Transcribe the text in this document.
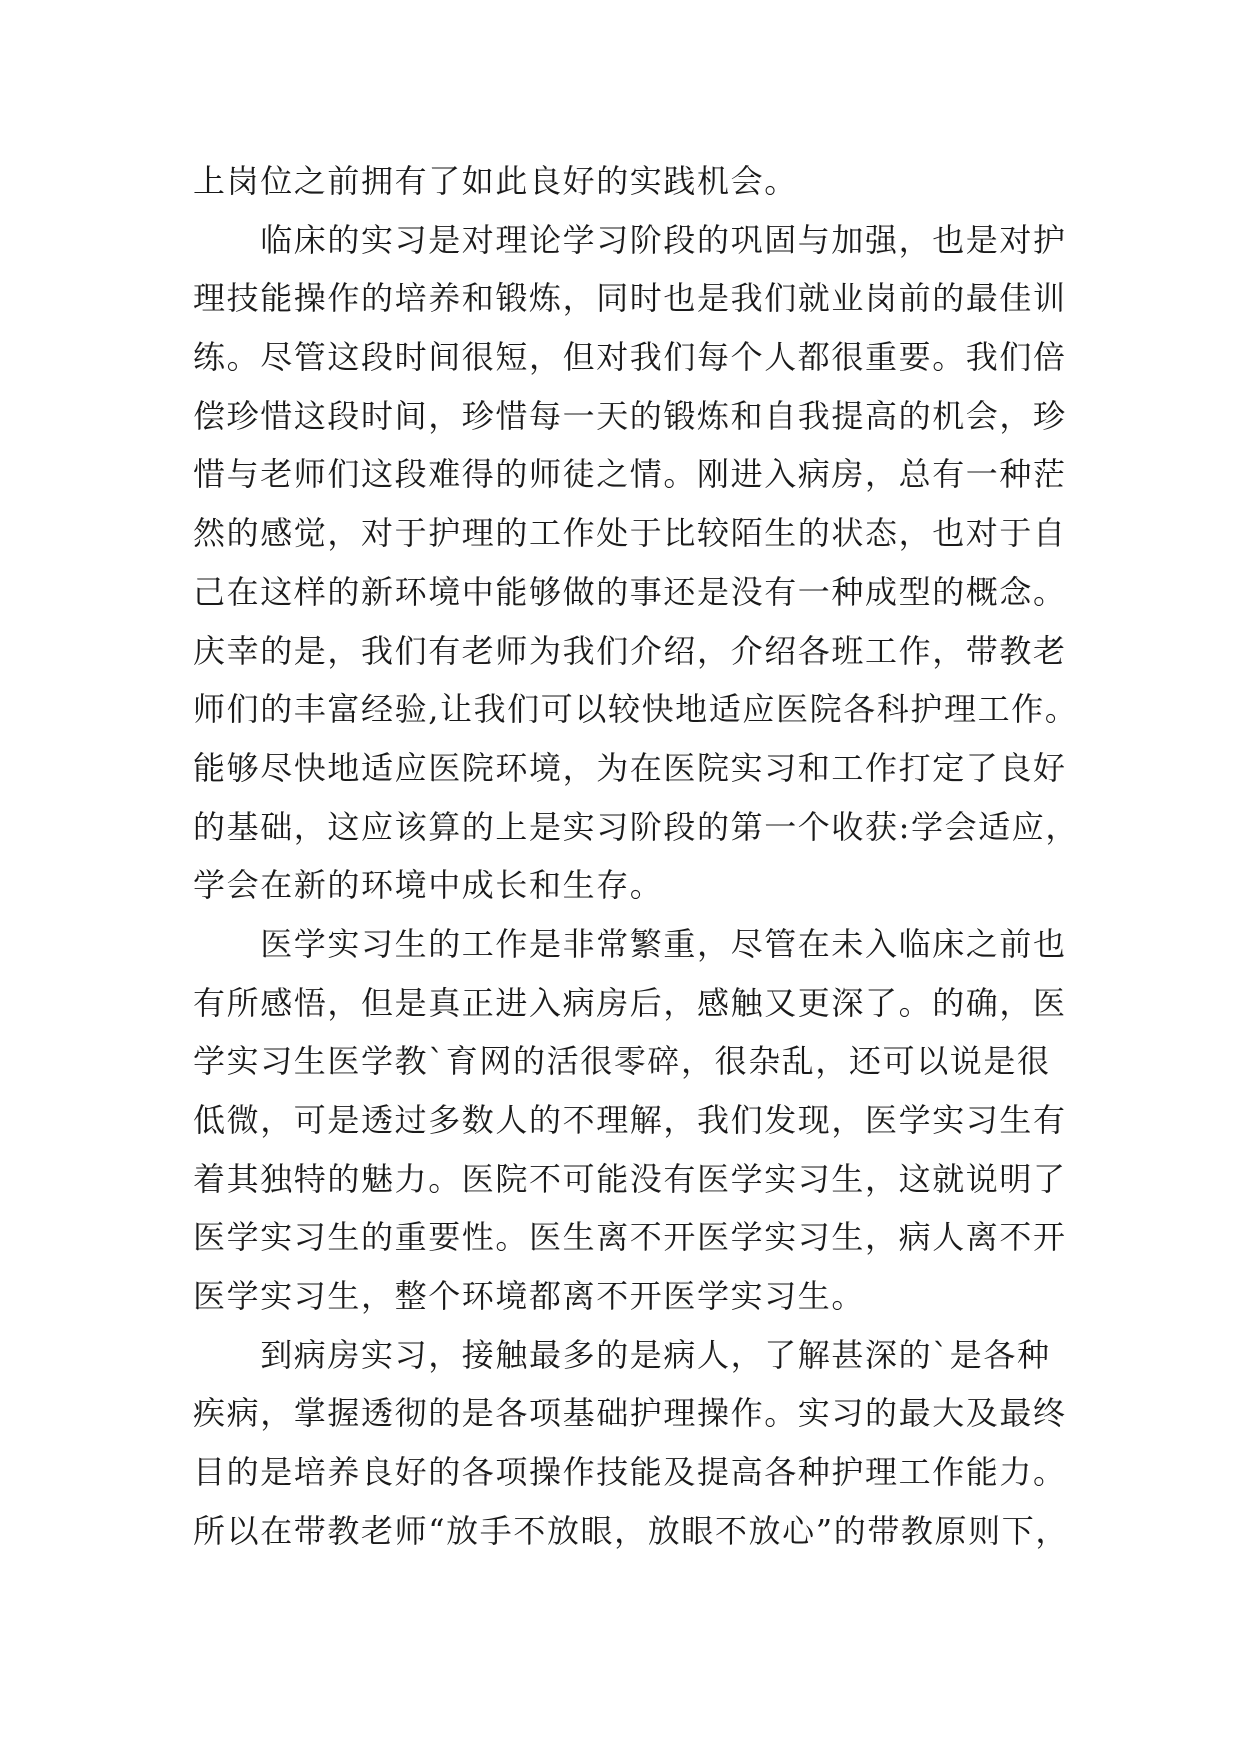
上岗位之前拥有了如此良好的实践机会。
　　临床的实习是对理论学习阶段的巩固与加强，也是对护
理技能操作的培养和锻炼，同时也是我们就业岗前的最佳训
练。尽管这段时间很短，但对我们每个人都很重要。我们倍
偿珍惜这段时间，珍惜每一天的锻炼和自我提高的机会，珍
惜与老师们这段难得的师徒之情。刚进入病房，总有一种茫
然的感觉，对于护理的工作处于比较陌生的状态，也对于自
己在这样的新环境中能够做的事还是没有一种成型的概念。
庆幸的是，我们有老师为我们介绍，介绍各班工作，带教老
师们的丰富经验,让我们可以较快地适应医院各科护理工作。
能够尽快地适应医院环境，为在医院实习和工作打定了良好
的基础，这应该算的上是实习阶段的第一个收获:学会适应，
学会在新的环境中成长和生存。
　　医学实习生的工作是非常繁重，尽管在未入临床之前也
有所感悟，但是真正进入病房后，感触又更深了。的确，医
学实习生医学教`育网的活很零碎，很杂乱，还可以说是很
低微，可是透过多数人的不理解，我们发现，医学实习生有
着其独特的魅力。医院不可能没有医学实习生，这就说明了
医学实习生的重要性。医生离不开医学实习生，病人离不开
医学实习生，整个环境都离不开医学实习生。
　　到病房实习，接触最多的是病人，了解甚深的`是各种
疾病，掌握透彻的是各项基础护理操作。实习的最大及最终
目的是培养良好的各项操作技能及提高各种护理工作能力。
所以在带教老师“放手不放眼，放眼不放心”的带教原则下，
